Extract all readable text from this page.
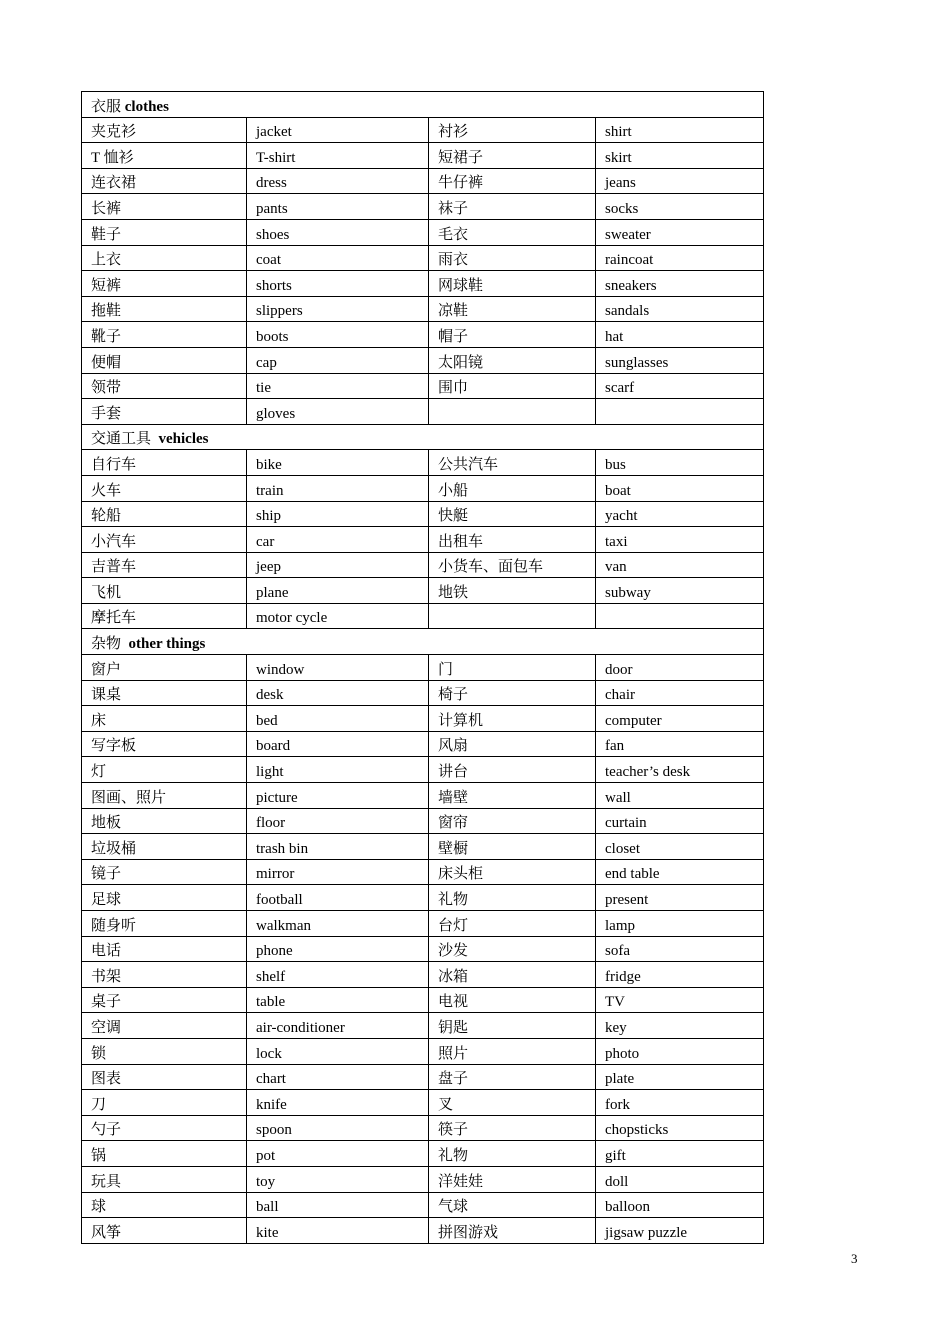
衣服 clothes			
夹克衫	jacket	衬衫	shirt
T 恤衫	T-shirt	短裙子	skirt
连衣裙	dress	牛仔裤	jeans
长裤	pants	袜子	socks
鞋子	shoes	毛衣	sweater
上衣	coat	雨衣	raincoat
短裤	shorts	网球鞋	sneakers
拖鞋	slippers	凉鞋	sandals
靴子	boots	帽子	hat
便帽	cap	太阳镜	sunglasses
领带	tie	围巾	scarf
手套	gloves		
交通工具 vehicles			
自行车	bike	公共汽车	bus
火车	train	小船	boat
轮船	ship	快艇	yacht
小汽车	car	出租车	taxi
吉普车	jeep	小货车、面包车	van
飞机	plane	地铁	subway
摩托车	motor cycle		
杂物 other things			
窗户	window	门	door
课桌	desk	椅子	chair
床	bed	计算机	computer
写字板	board	风扇	fan
灯	light	讲台	teacher’s desk
图画、照片	picture	墙壁	wall
地板	floor	窗帘	curtain
垃圾桶	trash bin	壁橱	closet
镜子	mirror	床头柜	end table
足球	football	礼物	present
随身听	walkman	台灯	lamp
电话	phone	沙发	sofa
书架	shelf	冰箱	fridge
桌子	table	电视	TV
空调	air-conditioner	钥匙	key
锁	lock	照片	photo
图表	chart	盘子	plate
刀	knife	叉	fork
勺子	spoon	筷子	chopsticks
锅	pot	礼物	gift
玩具	toy	洋娃娃	doll
球	ball	气球	balloon
风筝	kite	拼图游戏	jigsaw puzzle
3
